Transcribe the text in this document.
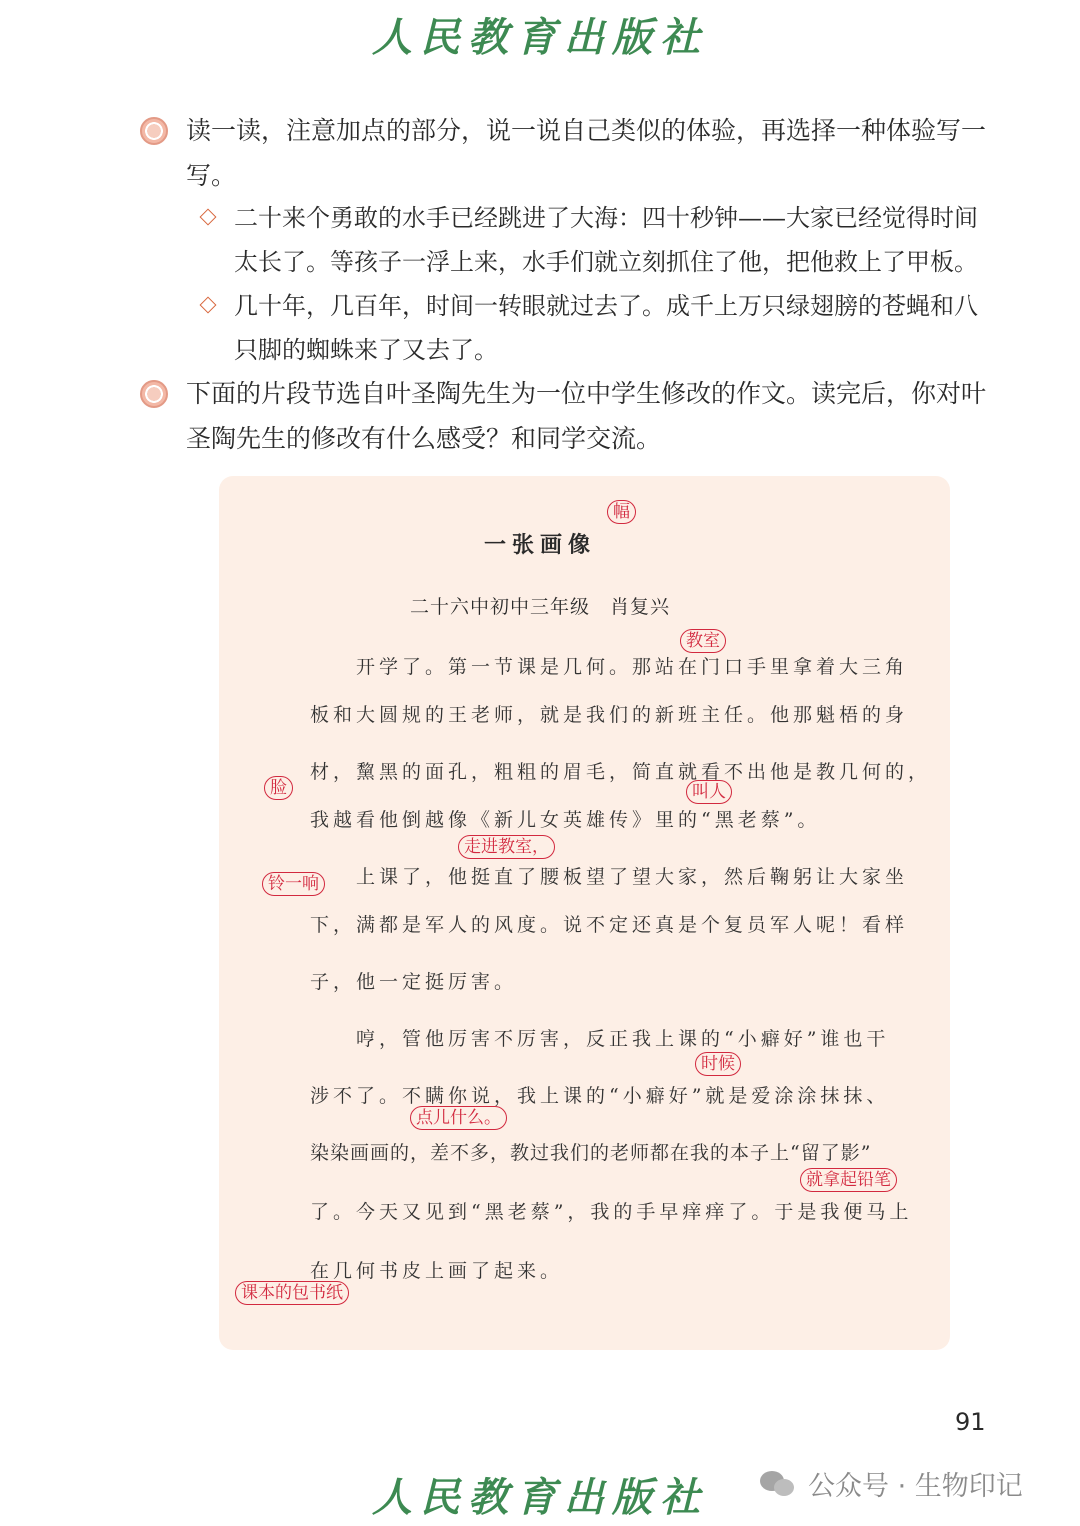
人民教育出版社
读一读，注意加点的部分，说一说自己类似的体验，再选择一种体验写一写。
二十来个勇敢的水手已经跳进了大海：四十秒钟——大家已经觉得时间太长了。等孩子一浮上来，水手们就立刻抓住了他，把他救上了甲板。
几十年，几百年，时间一转眼就过去了。成千上万只绿翅膀的苍蝇和八只脚的蜘蛛来了又去了。
下面的片段节选自叶圣陶先生为一位中学生修改的作文。读完后，你对叶圣陶先生的修改有什么感受？和同学交流。
一张画像
二十六中初中三年级　肖复兴
开学了。第一节课是几何。那站在门口手里拿着大三角
板和大圆规的王老师，就是我们的新班主任。他那魁梧的身
材，黧黑的面孔，粗粗的眉毛，简直就看不出他是教几何的，
我越看他倒越像《新儿女英雄传》里的“黑老蔡”。
上课了，他挺直了腰板望了望大家，然后鞠躬让大家坐
下，满都是军人的风度。说不定还真是个复员军人呢！看样
子，他一定挺厉害。
哼，管他厉害不厉害，反正我上课的“小癖好”谁也干
涉不了。不瞒你说，我上课的“小癖好”就是爱涂涂抹抹、
染染画画的，差不多，教过我们的老师都在我的本子上“留了影”
了。今天又见到“黑老蔡”，我的手早痒痒了。于是我便马上
在几何书皮上画了起来。
幅
教室
脸	叫人
走进教室，
铃一响
时候
点儿什么。
就拿起铅笔
课本的包书纸
91
人民教育出版社	公众号 · 生物印记
